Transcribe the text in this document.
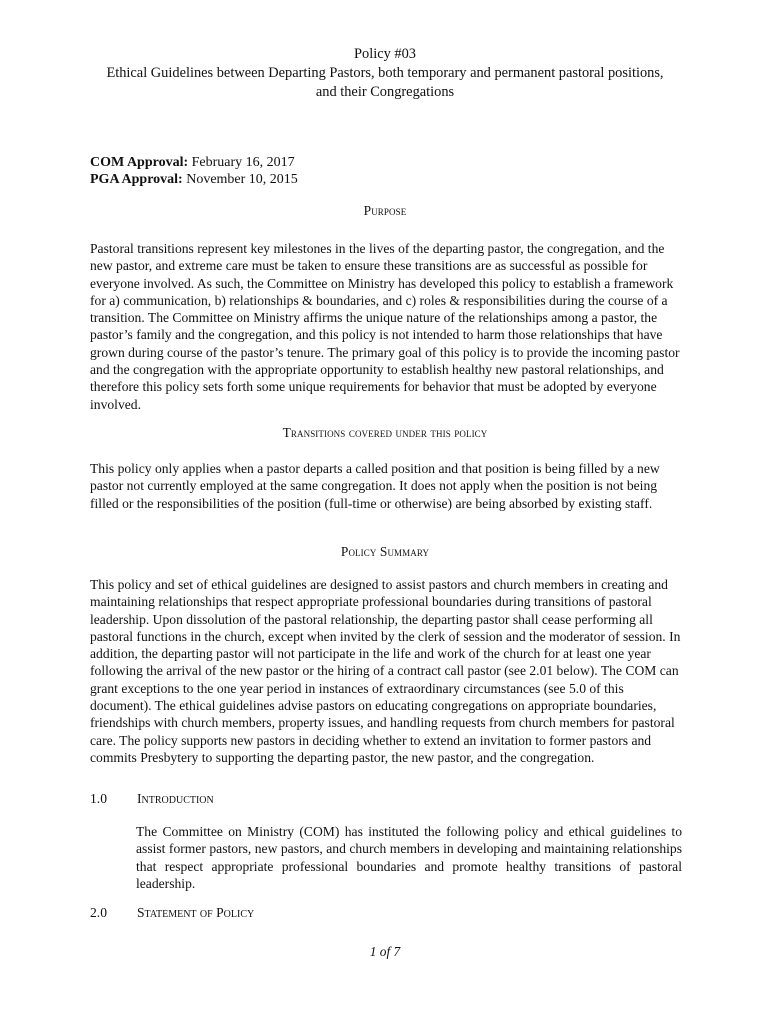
Policy #03
Ethical Guidelines between Departing Pastors, both temporary and permanent pastoral positions,
and their Congregations
COM Approval: February 16, 2017
PGA Approval: November 10, 2015
Purpose

Pastoral transitions represent key milestones in the lives of the departing pastor, the congregation, and the new pastor, and extreme care must be taken to ensure these transitions are as successful as possible for everyone involved. As such, the Committee on Ministry has developed this policy to establish a framework for a) communication, b) relationships & boundaries, and c) roles & responsibilities during the course of a transition. The Committee on Ministry affirms the unique nature of the relationships among a pastor, the pastor’s family and the congregation, and this policy is not intended to harm those relationships that have grown during course of the pastor’s tenure. The primary goal of this policy is to provide the incoming pastor and the congregation with the appropriate opportunity to establish healthy new pastoral relationships, and therefore this policy sets forth some unique requirements for behavior that must be adopted by everyone involved.

Transitions covered under this policy

This policy only applies when a pastor departs a called position and that position is being filled by a new pastor not currently employed at the same congregation. It does not apply when the position is not being filled or the responsibilities of the position (full-time or otherwise) are being absorbed by existing staff.

Policy Summary

This policy and set of ethical guidelines are designed to assist pastors and church members in creating and maintaining relationships that respect appropriate professional boundaries during transitions of pastoral leadership. Upon dissolution of the pastoral relationship, the departing pastor shall cease performing all pastoral functions in the church, except when invited by the clerk of session and the moderator of session. In addition, the departing pastor will not participate in the life and work of the church for at least one year following the arrival of the new pastor or the hiring of a contract call pastor (see 2.01 below). The COM can grant exceptions to the one year period in instances of extraordinary circumstances (see 5.0 of this document). The ethical guidelines advise pastors on educating congregations on appropriate boundaries, friendships with church members, property issues, and handling requests from church members for pastoral care. The policy supports new pastors in deciding whether to extend an invitation to former pastors and commits Presbytery to supporting the departing pastor, the new pastor, and the congregation.

1.0 Introduction

The Committee on Ministry (COM) has instituted the following policy and ethical guidelines to assist former pastors, new pastors, and church members in developing and maintaining relationships that respect appropriate professional boundaries and promote healthy transitions of pastoral leadership.

2.0 Statement of Policy
1 of 7
